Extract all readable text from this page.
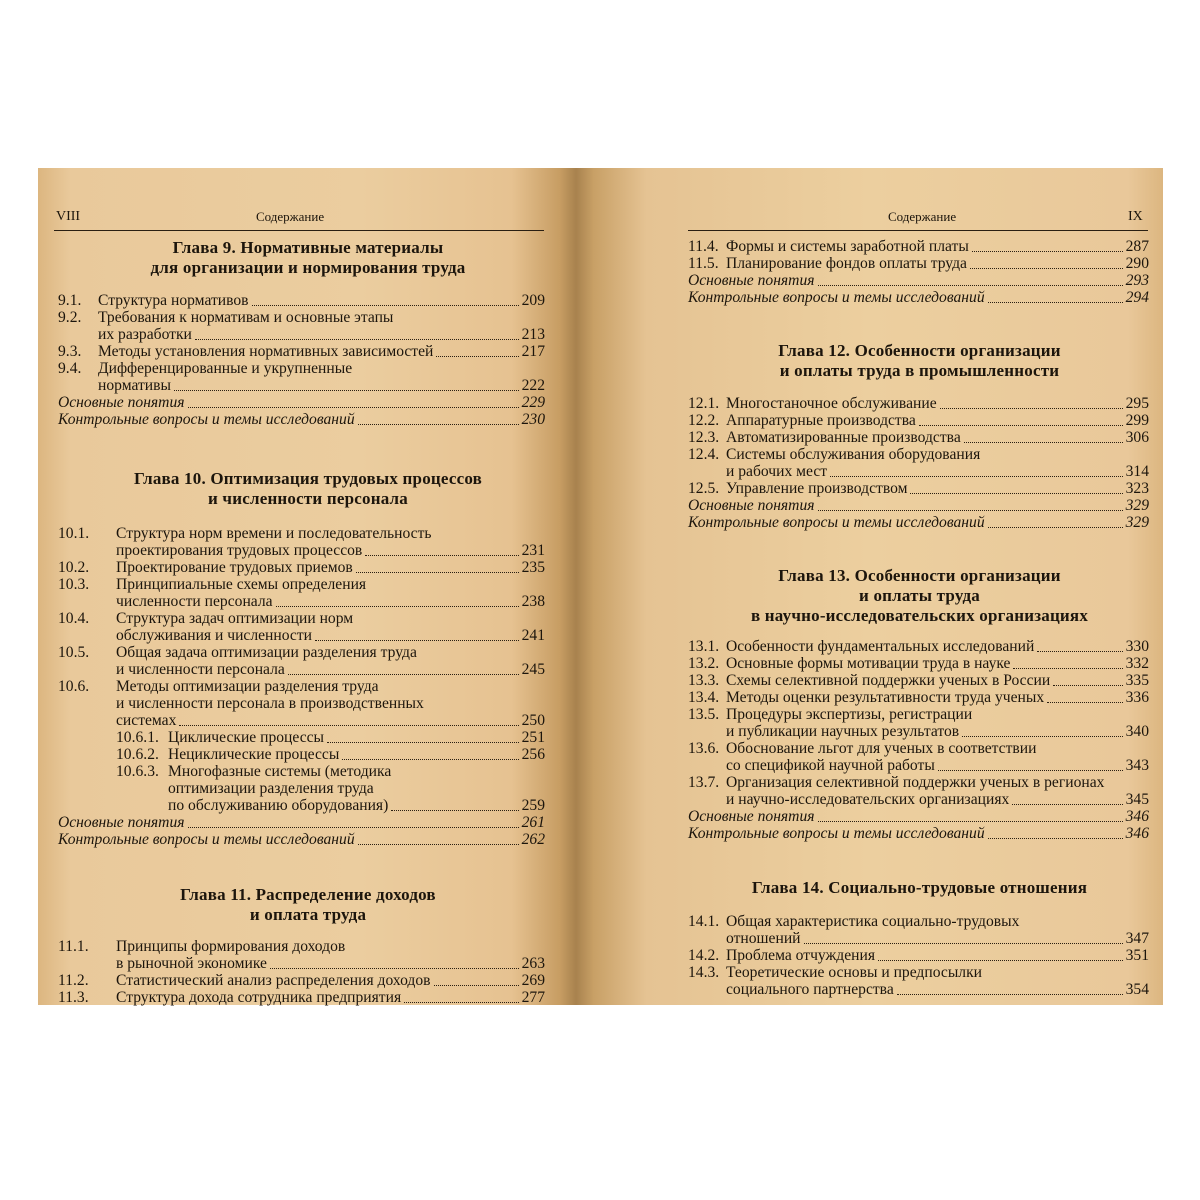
VIII	Содержание
Глава 9. Нормативные материалы
для организации и нормирования труда
9.1. Структура нормативов	209
9.2. Требования к нормативам и основные этапы
их разработки	213
9.3. Методы установления нормативных зависимостей	217
9.4. Дифференцированные и укрупненные
нормативы	222
Основные понятия	229
Контрольные вопросы и темы исследований	230
Глава 10. Оптимизация трудовых процессов
и численности персонала
10.1. Структура норм времени и последовательность
проектирования трудовых процессов	231
10.2. Проектирование трудовых приемов	235
10.3. Принципиальные схемы определения
численности персонала	238
10.4. Структура задач оптимизации норм
обслуживания и численности	241
10.5. Общая задача оптимизации разделения труда
и численности персонала	245
10.6. Методы оптимизации разделения труда
и численности персонала в производственных
системах	250
10.6.1. Циклические процессы	251
10.6.2. Нециклические процессы	256
10.6.3. Многофазные системы (методика
оптимизации разделения труда
по обслуживанию оборудования)	259
Основные понятия	261
Контрольные вопросы и темы исследований	262
Глава 11. Распределение доходов
и оплата труда
11.1. Принципы формирования доходов
в рыночной экономике	263
11.2. Статистический анализ распределения доходов	269
11.3. Структура дохода сотрудника предприятия	277
Содержание	IX
11.4. Формы и системы заработной платы	287
11.5. Планирование фондов оплаты труда	290
Основные понятия	293
Контрольные вопросы и темы исследований	294
Глава 12. Особенности организации
и оплаты труда в промышленности
12.1. Многостаночное обслуживание	295
12.2. Аппаратурные производства	299
12.3. Автоматизированные производства	306
12.4. Системы обслуживания оборудования
и рабочих мест	314
12.5. Управление производством	323
Основные понятия	329
Контрольные вопросы и темы исследований	329
Глава 13. Особенности организации
и оплаты труда
в научно-исследовательских организациях
13.1. Особенности фундаментальных исследований	330
13.2. Основные формы мотивации труда в науке	332
13.3. Схемы селективной поддержки ученых в России	335
13.4. Методы оценки результативности труда ученых	336
13.5. Процедуры экспертизы, регистрации
и публикации научных результатов	340
13.6. Обоснование льгот для ученых в соответствии
со спецификой научной работы	343
13.7. Организация селективной поддержки ученых в регионах
и научно-исследовательских организациях	345
Основные понятия	346
Контрольные вопросы и темы исследований	346
Глава 14. Социально-трудовые отношения
14.1. Общая характеристика социально-трудовых
отношений	347
14.2. Проблема отчуждения	351
14.3. Теоретические основы и предпосылки
социального партнерства	354
